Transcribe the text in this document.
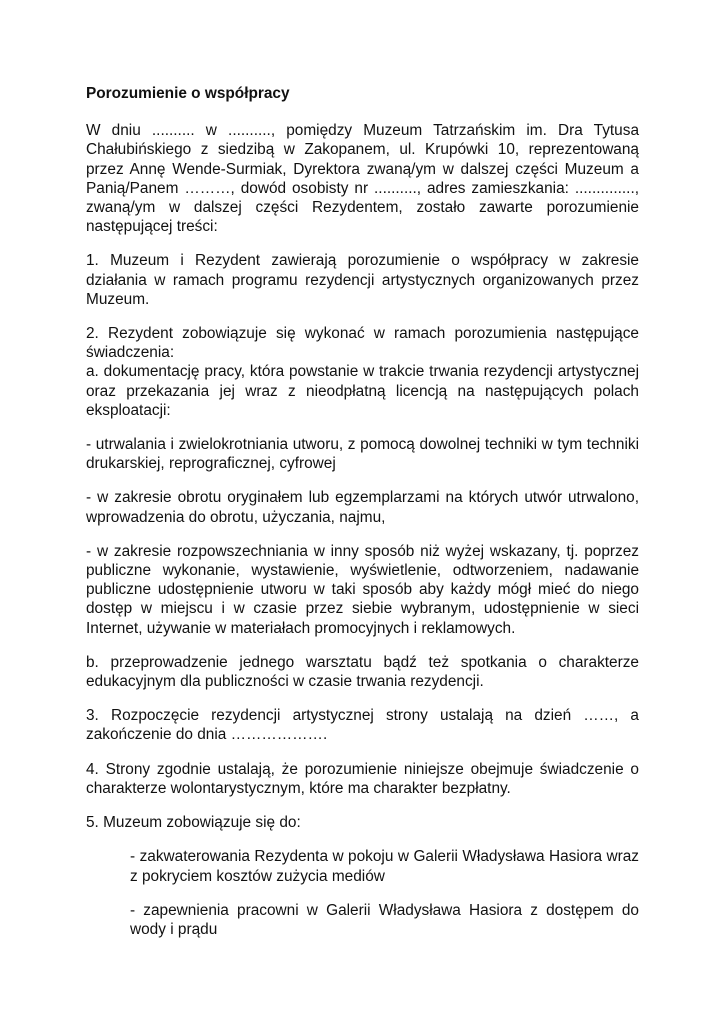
Porozumienie o współpracy

W dniu .......... w .........., pomiędzy Muzeum Tatrzańskim im. Dra Tytusa Chałubińskiego z siedzibą w Zakopanem, ul. Krupówki 10, reprezentowaną przez Annę Wende-Surmiak, Dyrektora zwaną/ym w dalszej części Muzeum a Panią/Panem ………, dowód osobisty nr .........., adres zamieszkania: .............., zwaną/ym w dalszej części Rezydentem, zostało zawarte porozumienie następującej treści:

1. Muzeum i Rezydent zawierają porozumienie o współpracy w zakresie działania w ramach programu rezydencji artystycznych organizowanych przez Muzeum.

2. Rezydent zobowiązuje się wykonać w ramach porozumienia następujące świadczenia:

a. dokumentację pracy, która powstanie w trakcie trwania rezydencji artystycznej oraz przekazania jej wraz z nieodpłatną licencją na następujących polach eksploatacji:

- utrwalania i zwielokrotniania utworu, z pomocą dowolnej techniki w tym techniki drukarskiej, reprograficznej, cyfrowej

- w zakresie obrotu oryginałem lub egzemplarzami na których utwór utrwalono, wprowadzenia do obrotu, użyczania, najmu,

- w zakresie rozpowszechniania w inny sposób niż wyżej wskazany, tj. poprzez publiczne wykonanie, wystawienie, wyświetlenie, odtworzeniem, nadawanie publiczne udostępnienie utworu w taki sposób aby każdy mógł mieć do niego dostęp w miejscu i w czasie przez siebie wybranym, udostępnienie w sieci Internet, używanie w materiałach promocyjnych i reklamowych.

b. przeprowadzenie jednego warsztatu bądź też spotkania o charakterze edukacyjnym dla publiczności w czasie trwania rezydencji.

3. Rozpoczęcie rezydencji artystycznej strony ustalają na dzień ……, a zakończenie do dnia ……………….

4. Strony zgodnie ustalają, że porozumienie niniejsze obejmuje świadczenie o charakterze wolontarystycznym, które ma charakter bezpłatny.

5. Muzeum zobowiązuje się do:

- zakwaterowania Rezydenta w pokoju w Galerii Władysława Hasiora wraz z pokryciem kosztów zużycia mediów

- zapewnienia pracowni w Galerii Władysława Hasiora z dostępem do wody i prądu
